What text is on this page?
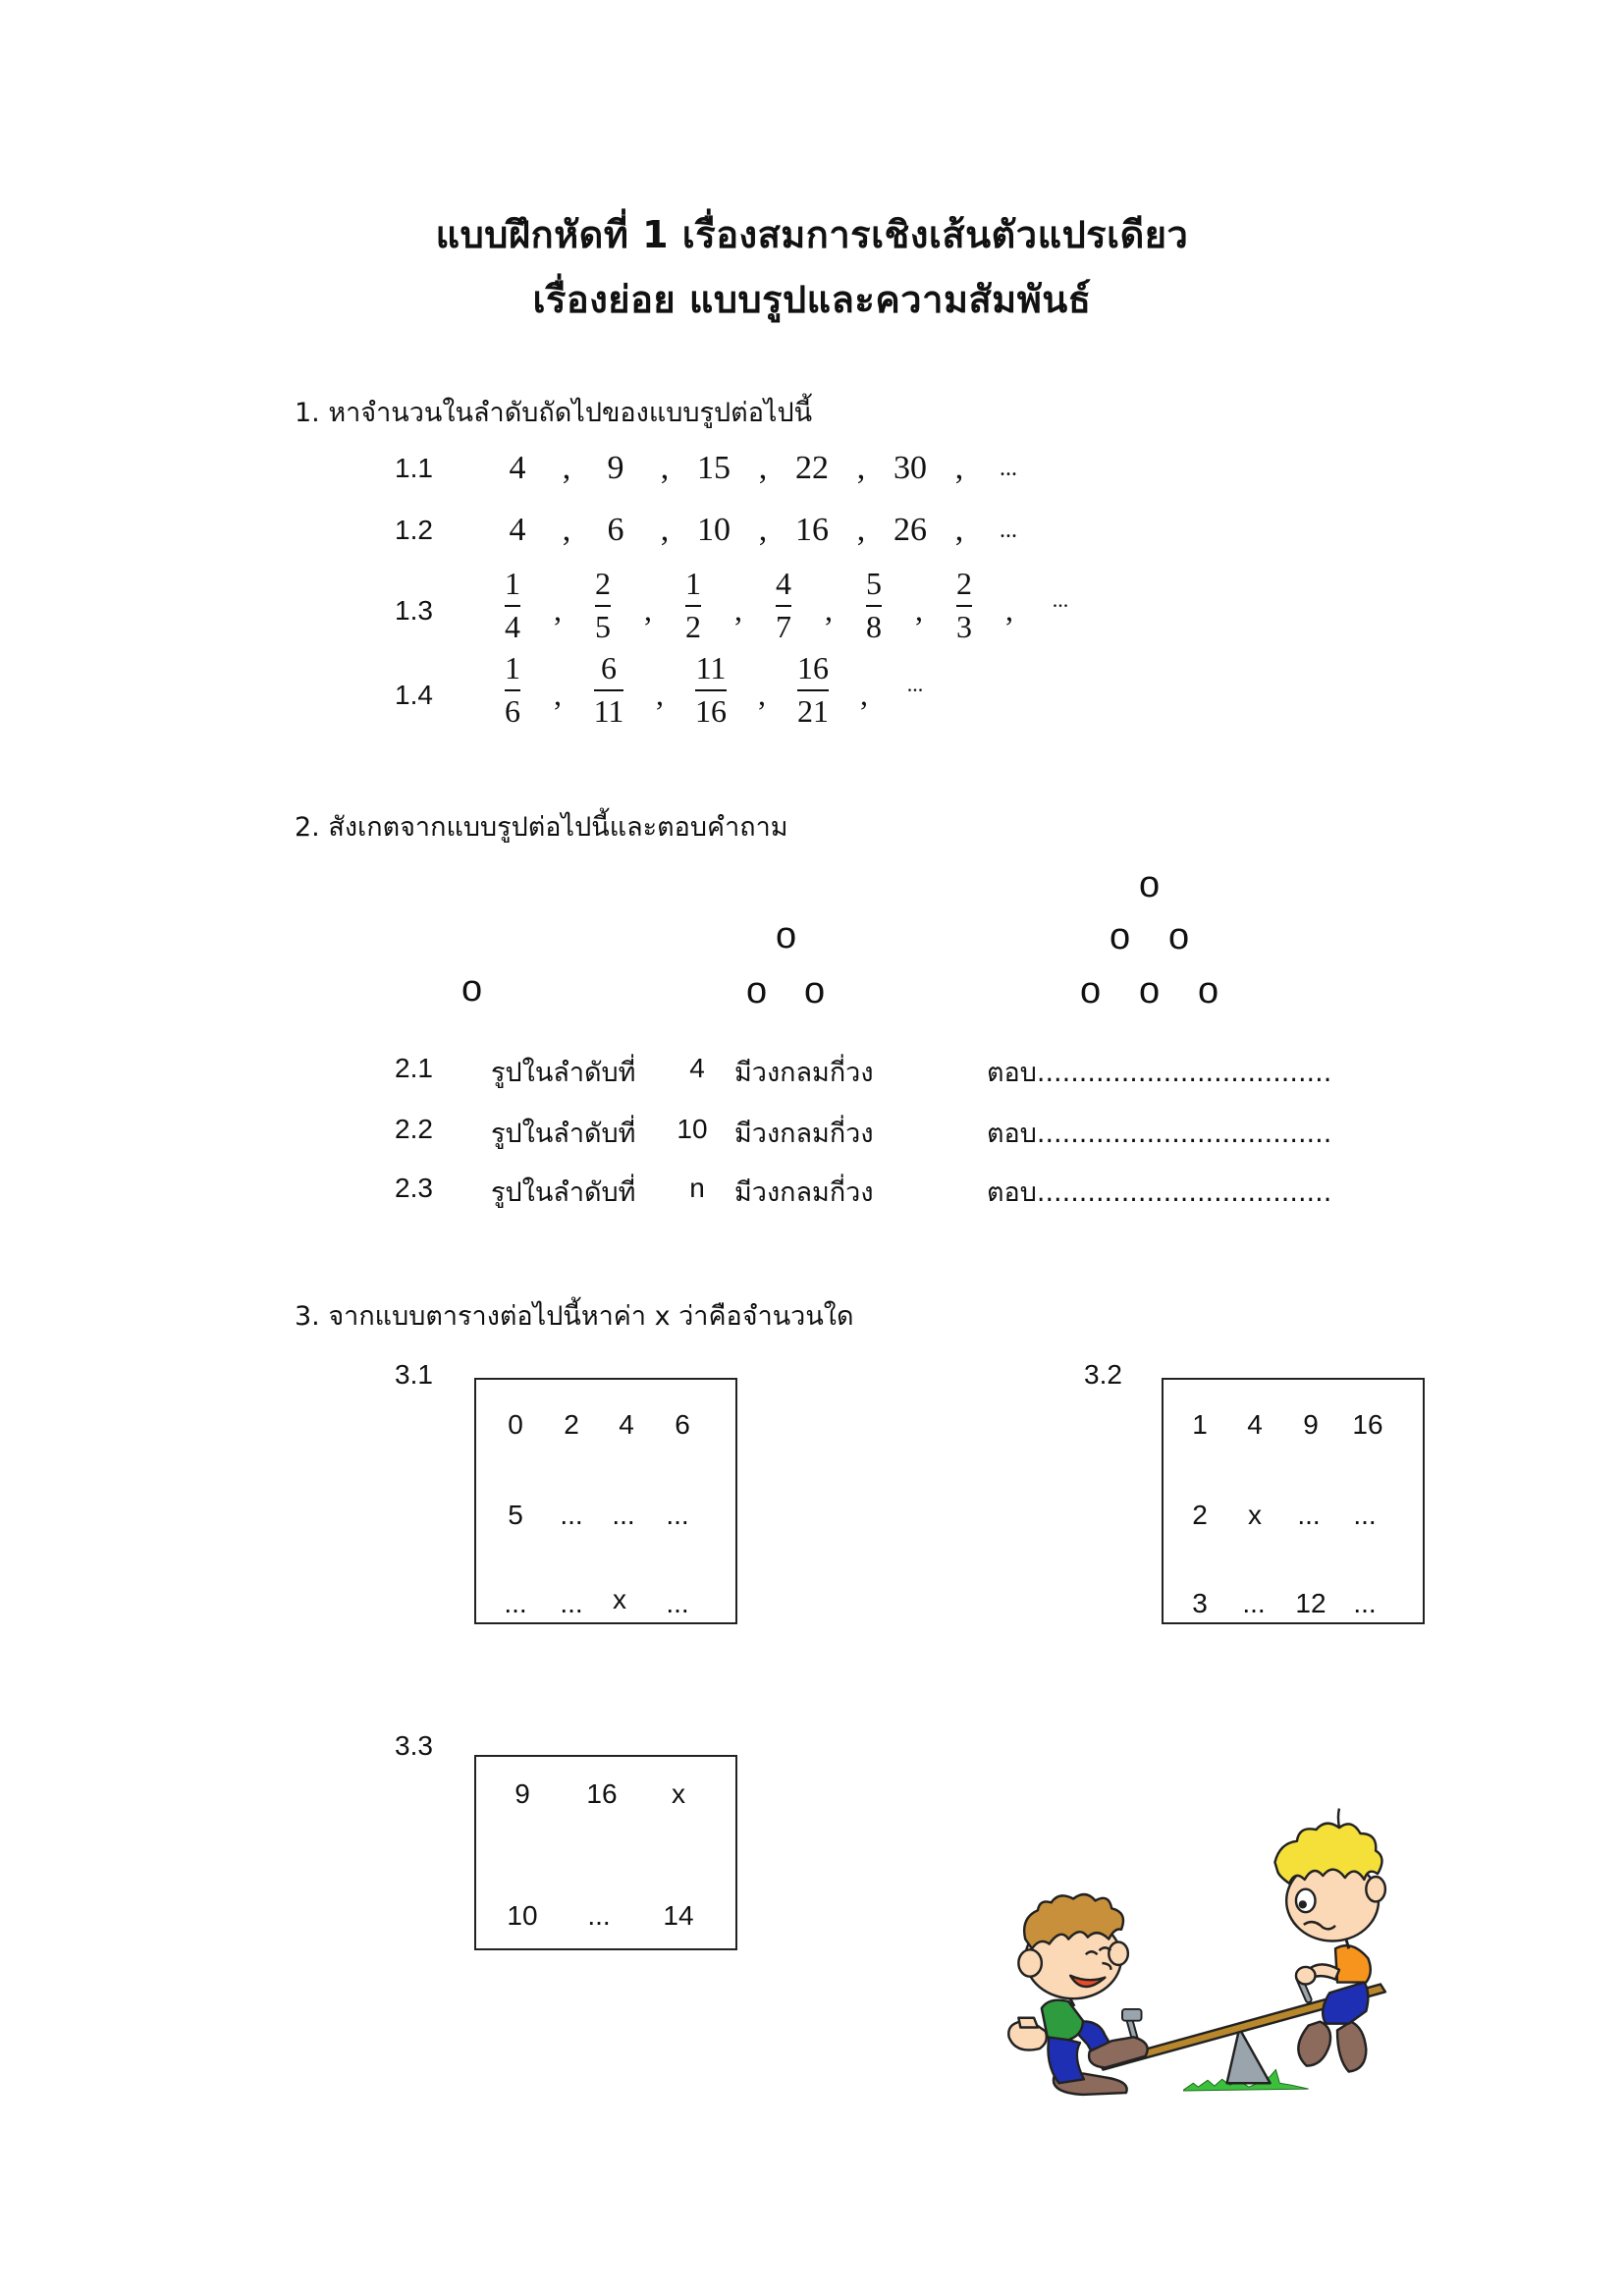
แบบฝึกหัดที่ 1 เรื่องสมการเชิงเส้นตัวแปรเดียว
เรื่องย่อย แบบรูปและความสัมพันธ์
1. หาจำนวนในลำดับถัดไปของแบบรูปต่อไปนี้
1.1	4	,	9	, 15 , 22 , 30 ,	...
1.2	4	,	6	, 10 , 16 , 26 ,	...
1.3	$\frac{1}{4}$	,	$\frac{2}{5}$	,	$\frac{1}{2}$	,	$\frac{4}{7}$	,	$\frac{5}{8}$	,	$\frac{2}{3}$	,	...
1.4	$\frac{1}{6}$	,	$\frac{6}{11}$	,	$\frac{11}{16}$	,	$\frac{16}{21}$	,	...
2. สังเกตจากแบบรูปต่อไปนี้และตอบคำถาม
o
o
o o
o
o o
o o o
2.1 รูปในลำดับที่	4	มีวงกลมกี่วง	ตอบ...................................
2.2 รูปในลำดับที่ 10 มีวงกลมกี่วง	ตอบ...................................
2.3 รูปในลำดับที่	n	มีวงกลมกี่วง	ตอบ...................................
3. จากแบบตารางต่อไปนี้หาค่า x ว่าคือจำนวนใด
3.1
0	2	4	6
5	...	...	...
...	...	x	...
3.2
1	4	9	16
2	x	...	...
3	...	12 ...
3.3
9	16	x
10	...	14
